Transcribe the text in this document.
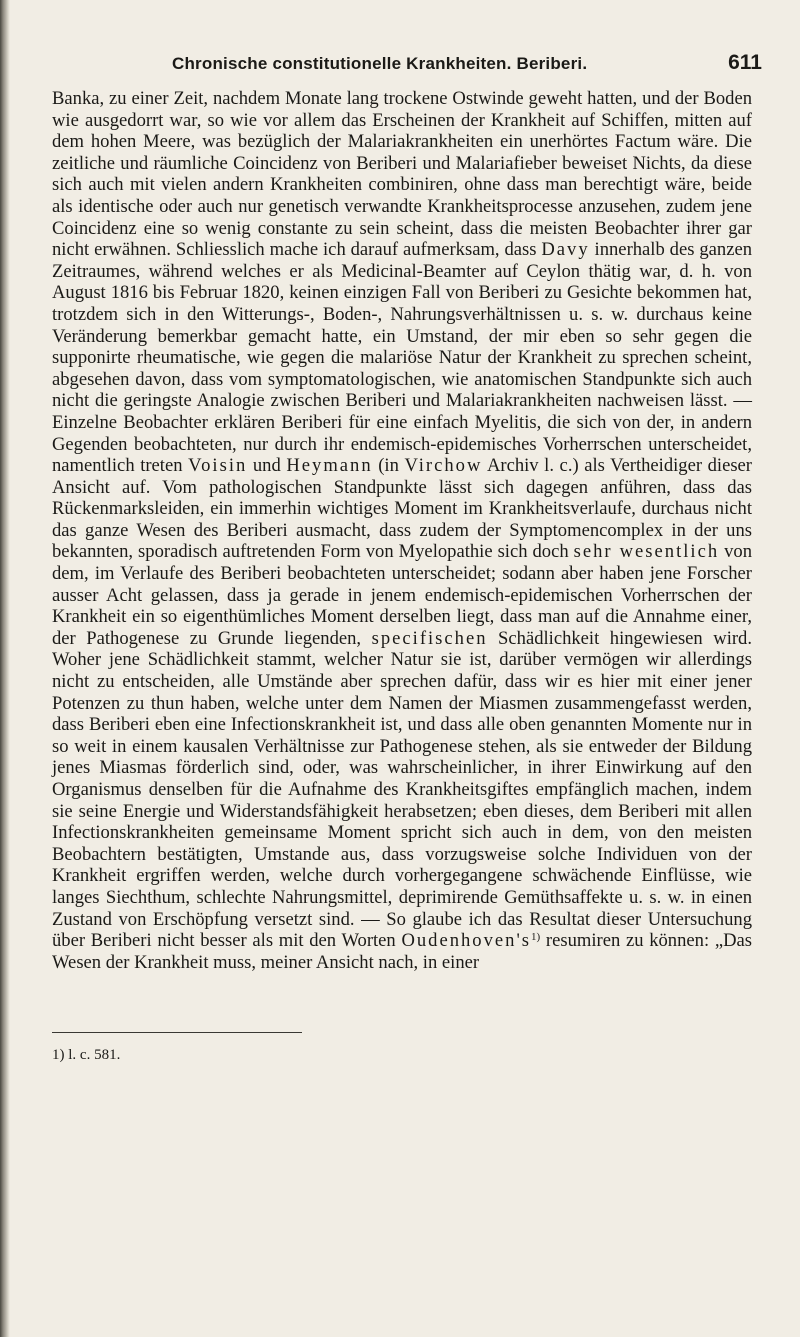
Chronische constitutionelle Krankheiten. Beriberi.	611

Banka, zu einer Zeit, nachdem Monate lang trockene Ostwinde geweht hatten, und der Boden wie ausgedorrt war, so wie vor allem das Erscheinen der Krankheit auf Schiffen, mitten auf dem hohen Meere, was bezüglich der Malariakrankheiten ein unerhörtes Factum wäre. Die zeitliche und räumliche Coincidenz von Beriberi und Malariafieber beweiset Nichts, da diese sich auch mit vielen andern Krankheiten combiniren, ohne dass man berechtigt wäre, beide als identische oder auch nur genetisch verwandte Krankheitsprocesse anzusehen, zudem jene Coincidenz eine so wenig constante zu sein scheint, dass die meisten Beobachter ihrer gar nicht erwähnen. Schliesslich mache ich darauf aufmerksam, dass Davy innerhalb des ganzen Zeitraumes, während welches er als Medicinal-Beamter auf Ceylon thätig war, d. h. von August 1816 bis Februar 1820, keinen einzigen Fall von Beriberi zu Gesichte bekommen hat, trotzdem sich in den Witterungs-, Boden-, Nahrungsverhältnissen u. s. w. durchaus keine Veränderung bemerkbar gemacht hatte, ein Umstand, der mir eben so sehr gegen die supponirte rheumatische, wie gegen die malariöse Natur der Krankheit zu sprechen scheint, abgesehen davon, dass vom symptomatologischen, wie anatomischen Standpunkte sich auch nicht die geringste Analogie zwischen Beriberi und Malariakrankheiten nachweisen lässt. — Einzelne Beobachter erklären Beriberi für eine einfach Myelitis, die sich von der, in andern Gegenden beobachteten, nur durch ihr endemisch-epidemisches Vorherrschen unterscheidet, namentlich treten Voisin und Heymann (in Virchow Archiv l. c.) als Vertheidiger dieser Ansicht auf. Vom pathologischen Standpunkte lässt sich dagegen anführen, dass das Rückenmarksleiden, ein immerhin wichtiges Moment im Krankheitsverlaufe, durchaus nicht das ganze Wesen des Beriberi ausmacht, dass zudem der Symptomencomplex in der uns bekannten, sporadisch auftretenden Form von Myelopathie sich doch sehr wesentlich von dem, im Verlaufe des Beriberi beobachteten unterscheidet; sodann aber haben jene Forscher ausser Acht gelassen, dass ja gerade in jenem endemisch-epidemischen Vorherrschen der Krankheit ein so eigenthümliches Moment derselben liegt, dass man auf die Annahme einer, der Pathogenese zu Grunde liegenden, specifischen Schädlichkeit hingewiesen wird. Woher jene Schädlichkeit stammt, welcher Natur sie ist, darüber vermögen wir allerdings nicht zu entscheiden, alle Umstände aber sprechen dafür, dass wir es hier mit einer jener Potenzen zu thun haben, welche unter dem Namen der Miasmen zusammengefasst werden, dass Beriberi eben eine Infectionskrankheit ist, und dass alle oben genannten Momente nur in so weit in einem kausalen Verhältnisse zur Pathogenese stehen, als sie entweder der Bildung jenes Miasmas förderlich sind, oder, was wahrscheinlicher, in ihrer Einwirkung auf den Organismus denselben für die Aufnahme des Krankheitsgiftes empfänglich machen, indem sie seine Energie und Widerstandsfähigkeit herabsetzen; eben dieses, dem Beriberi mit allen Infectionskrankheiten gemeinsame Moment spricht sich auch in dem, von den meisten Beobachtern bestätigten, Umstande aus, dass vorzugsweise solche Individuen von der Krankheit ergriffen werden, welche durch vorhergegangene schwächende Einflüsse, wie langes Siechthum, schlechte Nahrungsmittel, deprimirende Gemüthsaffekte u. s. w. in einen Zustand von Erschöpfung versetzt sind. — So glaube ich das Resultat dieser Untersuchung über Beriberi nicht besser als mit den Worten $Oudenhoven's^{1)}$ resumiren zu können: „Das Wesen der Krankheit muss, meiner Ansicht nach, in einer

1) l. c. 581.
